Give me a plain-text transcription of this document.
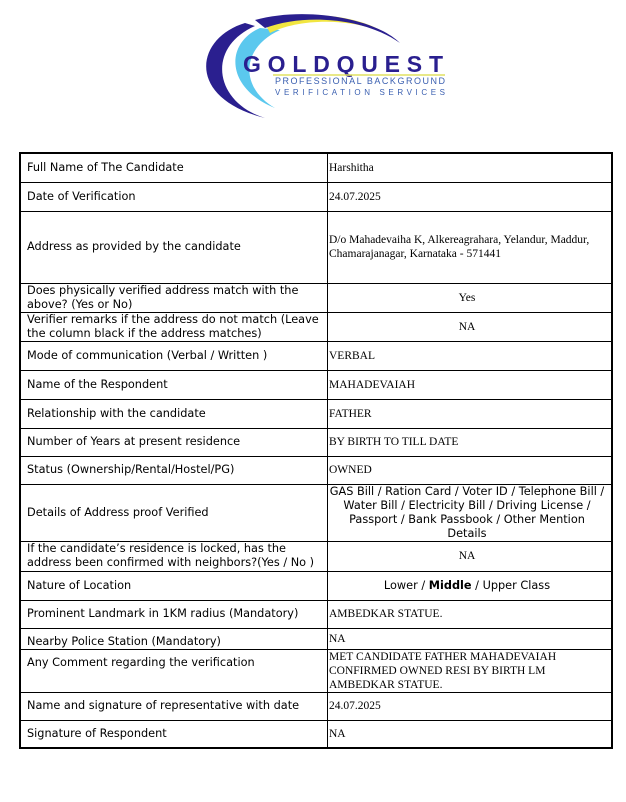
GOLDQUEST
PROFESSIONAL BACKGROUND
VERIFICATION SERVICES
Full Name of The Candidate	Harshitha
Date of Verification	24.07.2025
Address as provided by the candidate	D/o Mahadevaiha K, Alkereagrahara, Yelandur, Maddur, Chamarajanagar, Karnataka - 571441
Does physically verified address match with the above? (Yes or No)	Yes
Verifier remarks if the address do not match (Leave the column black if the address matches)	NA
Mode of communication (Verbal / Written )	VERBAL
Name of the Respondent	MAHADEVAIAH
Relationship with the candidate	FATHER
Number of Years at present residence	BY BIRTH TO TILL DATE
Status (Ownership/Rental/Hostel/PG)	OWNED
Details of Address proof Verified	GAS Bill / Ration Card / Voter ID / Telephone Bill / Water Bill / Electricity Bill / Driving License / Passport / Bank Passbook / Other Mention Details
If the candidate’s residence is locked, has the address been confirmed with neighbors?(Yes / No )	NA
Nature of Location	Lower / Middle / Upper Class
Prominent Landmark in 1KM radius (Mandatory)	AMBEDKAR STATUE.
Nearby Police Station (Mandatory)	NA
Any Comment regarding the verification	MET CANDIDATE FATHER MAHADEVAIAH CONFIRMED OWNED RESI BY BIRTH LM AMBEDKAR STATUE.
Name and signature of representative with date	24.07.2025
Signature of Respondent	NA
